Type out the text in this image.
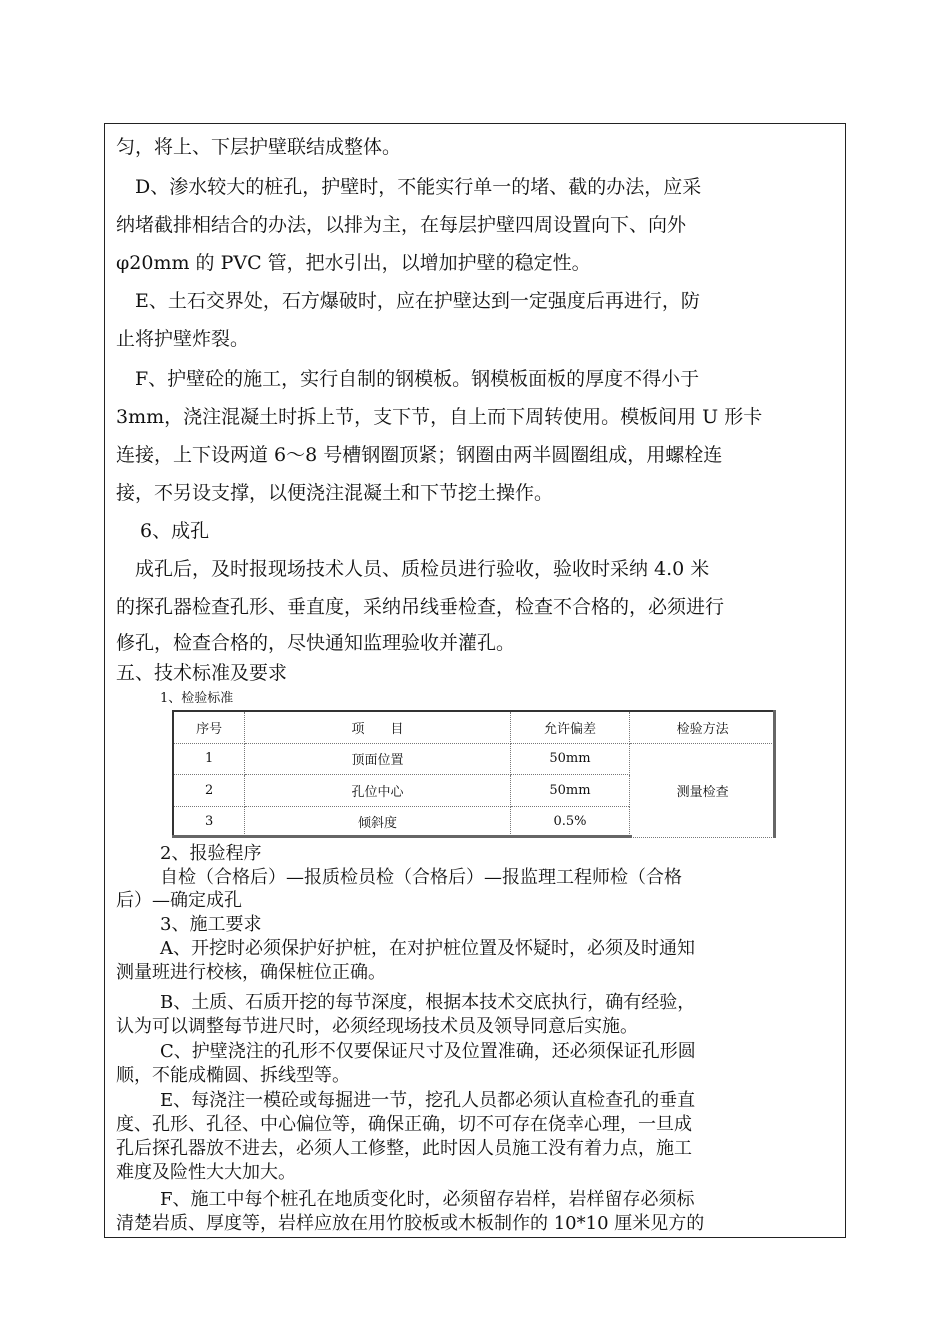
匀，将上、下层护壁联结成整体。
　D、渗水较大的桩孔，护壁时，不能实行单一的堵、截的办法，应采
纳堵截排相结合的办法，以排为主，在每层护壁四周设置向下、向外
φ20mm 的 PVC 管，把水引出，以增加护壁的稳定性。
　E、土石交界处，石方爆破时，应在护壁达到一定强度后再进行，防
止将护壁炸裂。
　F、护壁砼的施工，实行自制的钢模板。钢模板面板的厚度不得小于
3mm，浇注混凝土时拆上节，支下节，自上而下周转使用。模板间用 U 形卡
连接，上下设两道 6～8 号槽钢圈顶紧；钢圈由两半圆圈组成，用螺栓连
接，不另设支撑，以便浇注混凝土和下节挖土操作。
6、成孔
　成孔后，及时报现场技术人员、质检员进行验收，验收时采纳 4.0 米
的探孔器检查孔形、垂直度，采纳吊线垂检查，检查不合格的，必须进行
修孔，检查合格的，尽快通知监理验收并灌孔。
五、技术标准及要求
1、检验标准
序号	项　　目	允许偏差	检验方法
1	顶面位置	50mm	测量检查
2	孔位中心	50mm	
3	倾斜度	0.5%	
2、报验程序
自检（合格后）—报质检员检（合格后）—报监理工程师检（合格
后）—确定成孔
3、施工要求
A、开挖时必须保护好护桩，在对护桩位置及怀疑时，必须及时通知
测量班进行校核，确保桩位正确。
B、土质、石质开挖的每节深度，根据本技术交底执行，确有经验，
认为可以调整每节进尺时，必须经现场技术员及领导同意后实施。
C、护壁浇注的孔形不仅要保证尺寸及位置准确，还必须保证孔形圆
顺，不能成椭圆、拆线型等。
E、每浇注一模砼或每掘进一节，挖孔人员都必须认直检查孔的垂直
度、孔形、孔径、中心偏位等，确保正确，切不可存在侥幸心理，一旦成
孔后探孔器放不进去，必须人工修整，此时因人员施工没有着力点，施工
难度及险性大大加大。
F、施工中每个桩孔在地质变化时，必须留存岩样，岩样留存必须标
清楚岩质、厚度等，岩样应放在用竹胶板或木板制作的 10*10 厘米见方的
